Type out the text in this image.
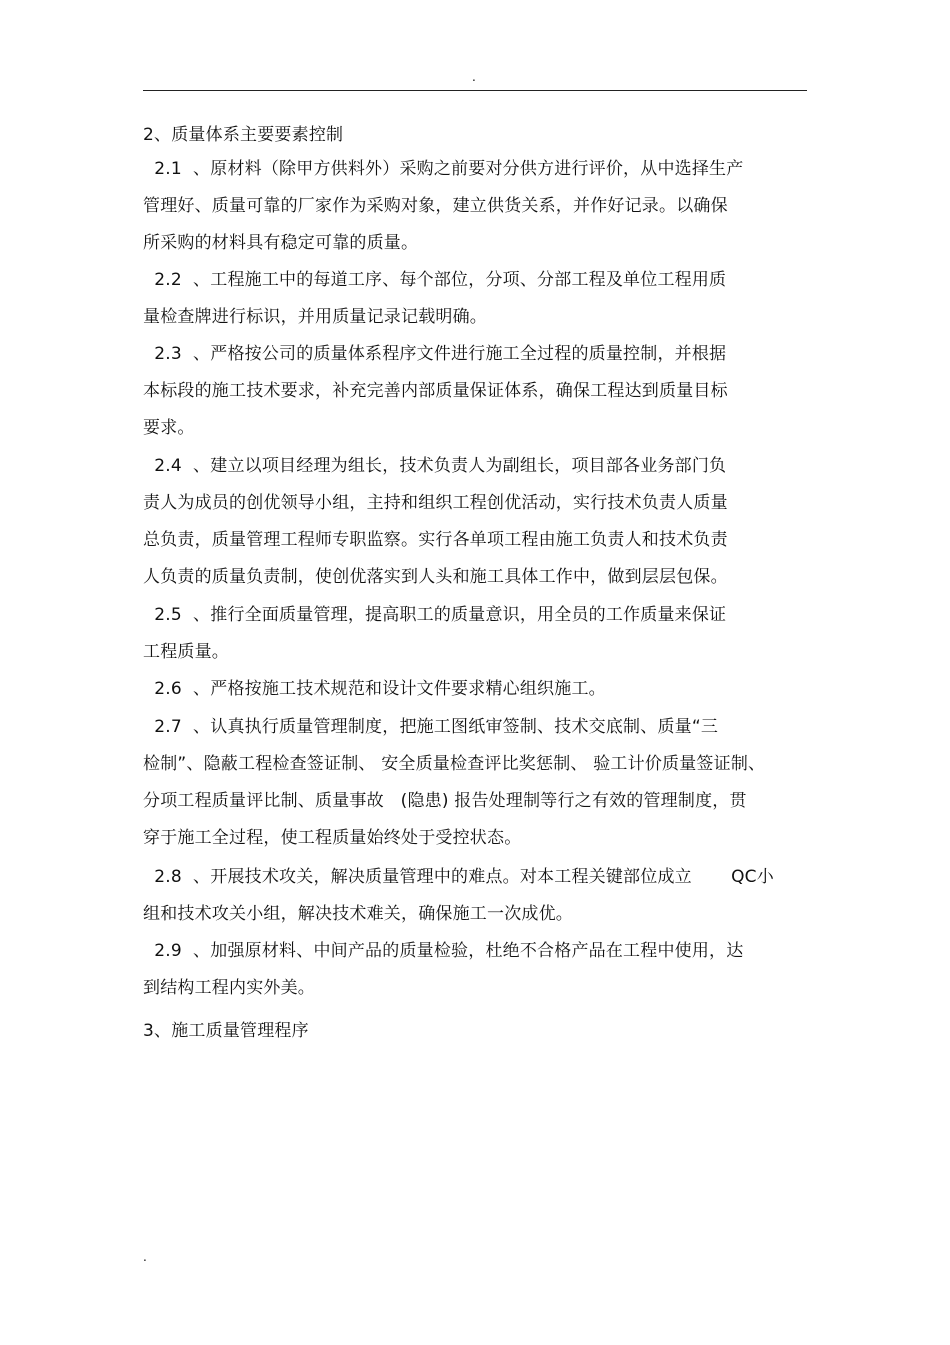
.
2、质量体系主要要素控制
2.1  、原材料（除甲方供料外）采购之前要对分供方进行评价，从中选择生产
管理好、质量可靠的厂家作为采购对象，建立供货关系，并作好记录。以确保
所采购的材料具有稳定可靠的质量。
2.2  、工程施工中的每道工序、每个部位，分项、分部工程及单位工程用质
量检查牌进行标识，并用质量记录记载明确。
2.3  、严格按公司的质量体系程序文件进行施工全过程的质量控制，并根据
本标段的施工技术要求，补充完善内部质量保证体系，确保工程达到质量目标
要求。
2.4  、建立以项目经理为组长，技术负责人为副组长，项目部各业务部门负
责人为成员的创优领导小组，主持和组织工程创优活动，实行技术负责人质量
总负责，质量管理工程师专职监察。实行各单项工程由施工负责人和技术负责
人负责的质量负责制，使创优落实到人头和施工具体工作中，做到层层包保。
2.5  、推行全面质量管理，提高职工的质量意识，用全员的工作质量来保证
工程质量。
2.6  、严格按施工技术规范和设计文件要求精心组织施工。
2.7  、认真执行质量管理制度，把施工图纸审签制、技术交底制、质量“三
检制”、隐蔽工程检查签证制、 安全质量检查评比奖惩制、 验工计价质量签证制、
分项工程质量评比制、质量事故   (隐患) 报告处理制等行之有效的管理制度，贯
穿于施工全过程，使工程质量始终处于受控状态。
2.8  、开展技术攻关，解决质量管理中的难点。对本工程关键部位成立       QC小
组和技术攻关小组，解决技术难关，确保施工一次成优。
2.9  、加强原材料、中间产品的质量检验，杜绝不合格产品在工程中使用，达
到结构工程内实外美。
3、施工质量管理程序
.
